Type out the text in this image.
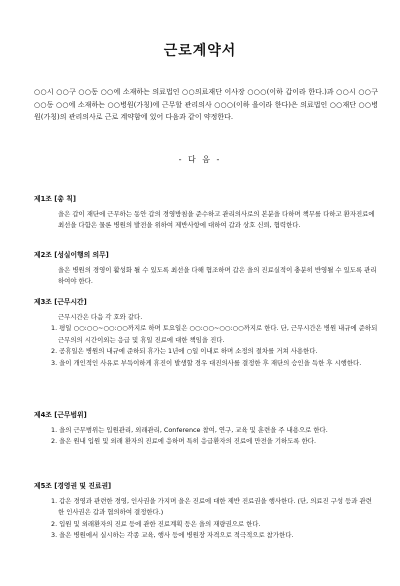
근로계약서
○○시 ○○구 ○○동 ○○에 소재하는 의료법인 ○○의료재단 이사장 ○○○(이하 갑이라 한다.)과 ○○시 ○○구 ○○동 ○○에 소재하는 ○○병원(가칭)에 근무할 관리의사 ○○○(이하 을이라 한다)은 의료법인 ○○재단 ○○병원(가칭)의 관리의사로 근로 계약함에 있어 다음과 같이 약정한다.
- 다 음 -
제1조 [총 칙]
을은 갑이 재단에 근무하는 동안 갑의 경영방침을 준수하고 관리의사로의 본분을 다하며 책무를 다하고 환자진료에 최선을 다함은 물론 병원의 발전을 위하여 제반사항에 대하여 갑과 상호 신뢰, 협력한다.
제2조 [성실이행의 의무]
을은 병원의 경영이 활성화 될 수 있도록 최선을 다해 협조하며 갑은 을의 진료실적이 충분히 반영될 수 있도록 관리하여야 한다.
제3조 [근무시간]
근무시간은 다음 각 호와 같다.
1. 평일 ○○:○○~○○:○○까지로 하며 토요일은 ○○:○○~○○:○○까지로 한다. 단, 근무시간은 병원 내규에 준하되 근무의의 시간이외는 응급 및 휴일 진료에 대한 책임을 진다.
2. 공휴일은 병원의 내규에 준하되 휴가는 1년에 ○일 이내로 하며 소정의 절차를 거쳐 사용한다.
3. 을이 개인적인 사유로 부득이하게 휴진이 발생할 경우 대진의사를 결정한 후 재단의 승인을 득한 후 시행한다.
제4조 [근무범위]
1. 을의 근무범위는 입원관리, 외래관리, Conference 참여, 연구, 교육 및 훈련을 주 내용으로 한다.
2. 을은 원내 입원 및 외래 환자의 진료에 응하며 특히 응급환자의 진료에 만전을 기하도록 한다.
제5조 [경영권 및 진료권]
1. 갑은 경영과 관련한 경영, 인사권을 가지며 을은 진료에 대한 제반 진료권을 행사한다. (단, 의료진 구성 등과 관련한 인사권은 갑과 협의하여 결정한다.)
2. 입원 및 외래환자의 진료 등에 관한 진료계획 등은 을의 재량권으로 한다.
3. 을은 병원에서 실시하는 각종 교육, 행사 등에 병원장 자격으로 적극적으로 참가한다.
